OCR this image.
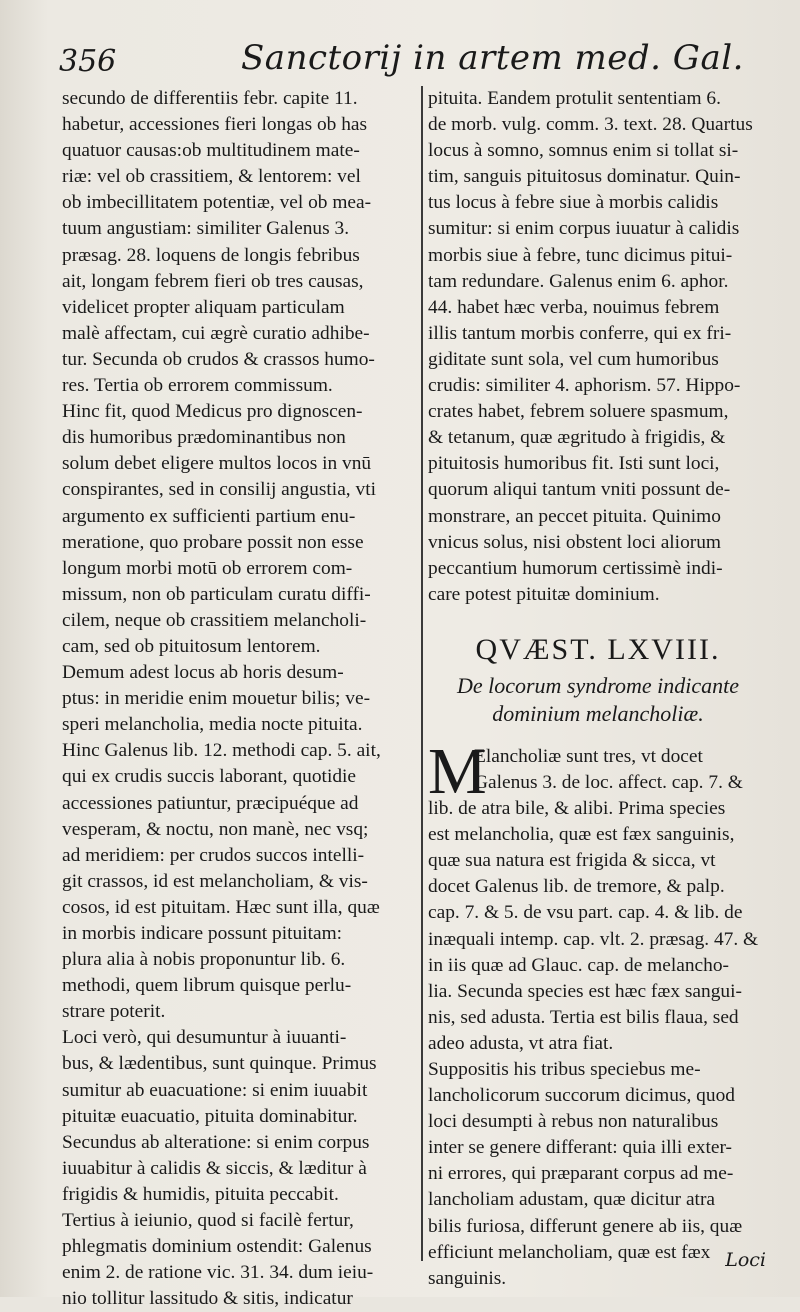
356	Sanctorij in artem med. Gal.
secundo de differentiis febr. capite 11.
habetur, accessiones fieri longas ob has
quatuor causas:ob multitudinem mate-
riæ: vel ob crassitiem, & lentorem: vel
ob imbecillitatem potentiæ, vel ob mea-
tuum angustiam: similiter Galenus 3.
præsag. 28. loquens de longis febribus
ait, longam febrem fieri ob tres causas,
videlicet propter aliquam particulam
malè affectam, cui ægrè curatio adhibe-
tur. Secunda ob crudos & crassos humo-
res. Tertia ob errorem commissum.
Hinc fit, quod Medicus pro dignoscen-
dis humoribus prædominantibus non
solum debet eligere multos locos in vnū
conspirantes, sed in consilij angustia, vti
argumento ex sufficienti partium enu-
meratione, quo probare possit non esse
longum morbi motū ob errorem com-
missum, non ob particulam curatu diffi-
cilem, neque ob crassitiem melancholi-
cam, sed ob pituitosum lentorem.
Demum adest locus ab horis desum-
ptus: in meridie enim mouetur bilis; ve-
speri melancholia, media nocte pituita.
Hinc Galenus lib. 12. methodi cap. 5. ait,
qui ex crudis succis laborant, quotidie
accessiones patiuntur, præcipuéque ad
vesperam, & noctu, non manè, nec vsq;
ad meridiem: per crudos succos intelli-
git crassos, id est melancholiam, & vis-
cosos, id est pituitam. Hæc sunt illa, quæ
in morbis indicare possunt pituitam:
plura alia à nobis proponuntur lib. 6.
methodi, quem librum quisque perlu-
strare poterit.
Loci verò, qui desumuntur à iuuanti-
bus, & lædentibus, sunt quinque. Primus
sumitur ab euacuatione: si enim iuuabit
pituitæ euacuatio, pituita dominabitur.
Secundus ab alteratione: si enim corpus
iuuabitur à calidis & siccis, & læditur à
frigidis & humidis, pituita peccabit.
Tertius à ieiunio, quod si facilè fertur,
phlegmatis dominium ostendit: Galenus
enim 2. de ratione vic. 31. 34. dum ieiu-
nio tollitur lassitudo & sitis, indicatur
pituita. Eandem protulit sententiam 6.
de morb. vulg. comm. 3. text. 28. Quartus
locus à somno, somnus enim si tollat si-
tim, sanguis pituitosus dominatur. Quin-
tus locus à febre siue à morbis calidis
sumitur: si enim corpus iuuatur à calidis
morbis siue à febre, tunc dicimus pitui-
tam redundare. Galenus enim 6. aphor.
44. habet hæc verba, nouimus febrem
illis tantum morbis conferre, qui ex fri-
giditate sunt sola, vel cum humoribus
crudis: similiter 4. aphorism. 57. Hippo-
crates habet, febrem soluere spasmum,
& tetanum, quæ ægritudo à frigidis, &
pituitosis humoribus fit. Isti sunt loci,
quorum aliqui tantum vniti possunt de-
monstrare, an peccet pituita. Quinimo
vnicus solus, nisi obstent loci aliorum
peccantium humorum certissimè indi-
care potest pituitæ dominium.
QVÆST. LXVIII.
De locorum syndrome indicante
dominium melancholiæ.
M
Elancholiæ sunt tres, vt docet
Galenus 3. de loc. affect. cap. 7. &
lib. de atra bile, & alibi. Prima species
est melancholia, quæ est fæx sanguinis,
quæ sua natura est frigida & sicca, vt
docet Galenus lib. de tremore, & palp.
cap. 7. & 5. de vsu part. cap. 4. & lib. de
inæquali intemp. cap. vlt. 2. præsag. 47. &
in iis quæ ad Glauc. cap. de melancho-
lia. Secunda species est hæc fæx sangui-
nis, sed adusta. Tertia est bilis flaua, sed
adeo adusta, vt atra fiat.
Suppositis his tribus speciebus me-
lancholicorum succorum dicimus, quod
loci desumpti à rebus non naturalibus
inter se genere differant: quia illi exter-
ni errores, qui præparant corpus ad me-
lancholiam adustam, quæ dicitur atra
bilis furiosa, differunt genere ab iis, quæ
efficiunt melancholiam, quæ est fæx
sanguinis.
Loci
